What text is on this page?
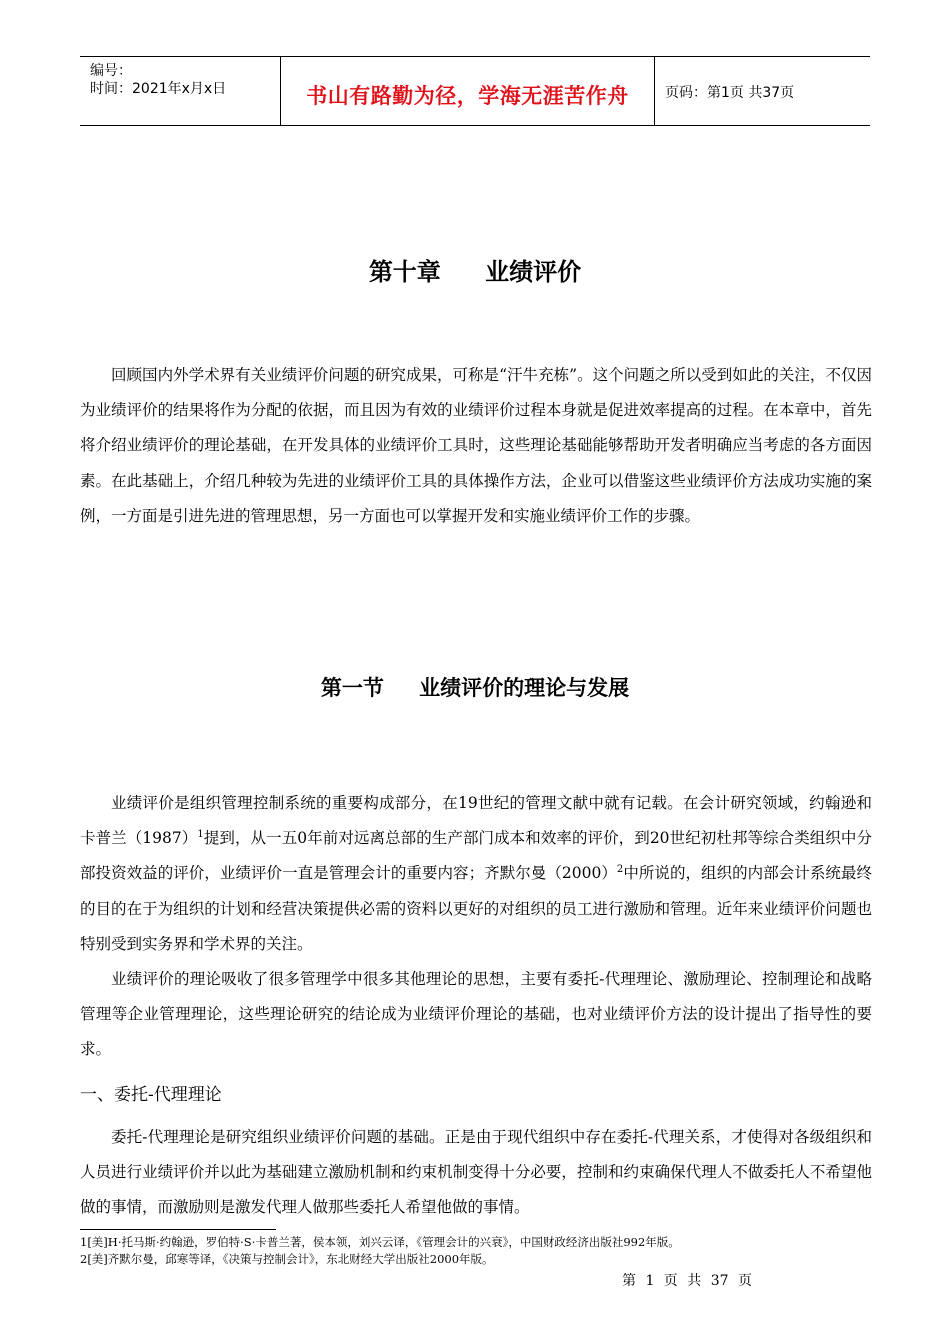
编号：
时间：2021年x月x日	书山有路勤为径，学海无涯苦作舟	页码：第1页 共37页
第十章 业绩评价

回顾国内外学术界有关业绩评价问题的研究成果，可称是“汗牛充栋”。这个问题之所以受到如此的关注，不仅因为业绩评价的结果将作为分配的依据，而且因为有效的业绩评价过程本身就是促进效率提高的过程。在本章中，首先将介绍业绩评价的理论基础，在开发具体的业绩评价工具时，这些理论基础能够帮助开发者明确应当考虑的各方面因素。在此基础上，介绍几种较为先进的业绩评价工具的具体操作方法，企业可以借鉴这些业绩评价方法成功实施的案例，一方面是引进先进的管理思想，另一方面也可以掌握开发和实施业绩评价工作的步骤。

第一节 业绩评价的理论与发展

业绩评价是组织管理控制系统的重要构成部分，在19世纪的管理文献中就有记载。在会计研究领域，约翰逊和卡普兰$(1987)^1$提到，从一五0年前对远离总部的生产部门成本和效率的评价，到20世纪初杜邦等综合类组织中分部投资效益的评价，业绩评价一直是管理会计的重要内容；齐默尔曼$(2000)^2$中所说的，组织的内部会计系统最终的目的在于为组织的计划和经营决策提供必需的资料以更好的对组织的员工进行激励和管理。近年来业绩评价问题也特别受到实务界和学术界的关注。

业绩评价的理论吸收了很多管理学中很多其他理论的思想，主要有委托-代理理论、激励理论、控制理论和战略管理等企业管理理论，这些理论研究的结论成为业绩评价理论的基础，也对业绩评价方法的设计提出了指导性的要求。

一、委托-代理理论

委托-代理理论是研究组织业绩评价问题的基础。正是由于现代组织中存在委托-代理关系，才使得对各级组织和人员进行业绩评价并以此为基础建立激励机制和约束机制变得十分必要，控制和约束确保代理人不做委托人不希望他做的事情，而激励则是激发代理人做那些委托人希望他做的事情。

1[美]H·托马斯·约翰逊，罗伯特·S·卡普兰著，侯本领，刘兴云译，《管理会计的兴衰》，中国财政经济出版社992年版。
2[美]齐默尔曼，邱寒等译，《决策与控制会计》，东北财经大学出版社2000年版。
第 1 页 共 37 页
